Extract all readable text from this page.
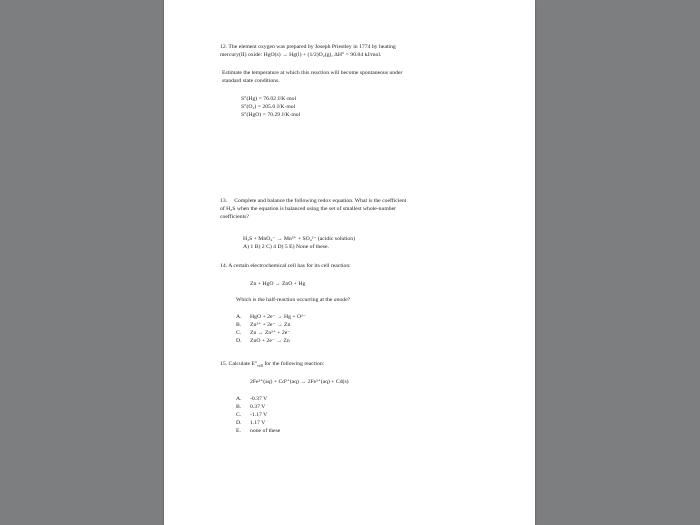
12. The element oxygen was prepared by Joseph Priestley in 1774 by heating
mercury(II) oxide: HgO(s) → Hg(l) + (1/2)O₂(g), ΔH° = 90.84 kJ/mol.
Estimate the temperature at which this reaction will become spontaneous under
standard state conditions.
S°(Hg) = 76.02 J/K·mol
S°(O₂) = 205.0 J/K·mol
S°(HgO) = 70.29 J/K·mol
13. Complete and balance the following redox equation. What is the coefficient
of H₂S when the equation is balanced using the set of smallest whole-number
coefficients?
H₂S + MnO₄⁻ → Mn²⁺ + SO₄²⁻ (acidic solution)
A) 1 B) 2 C) 4 D) 5 E) None of these.
14. A certain electrochemical cell has for its cell reaction:
Zn + HgO → ZnO + Hg
Which is the half-reaction occurring at the anode?
A. HgO + 2e⁻ → Hg + O²⁻
B. Zn²⁺ + 2e⁻ → Zn
C. Zn → Zn²⁺ + 2e⁻
D. ZnO + 2e⁻ → Zn
15. Calculate $E^\circ_{cell}$ for the following reaction:
2Fe²⁺(aq) + Cd²⁺(aq) → 2Fe³⁺(aq) + Cd(s)
A. -0.37 V
B. 0.37 V
C. -1.17 V
D. 1.17 V
E. none of these
